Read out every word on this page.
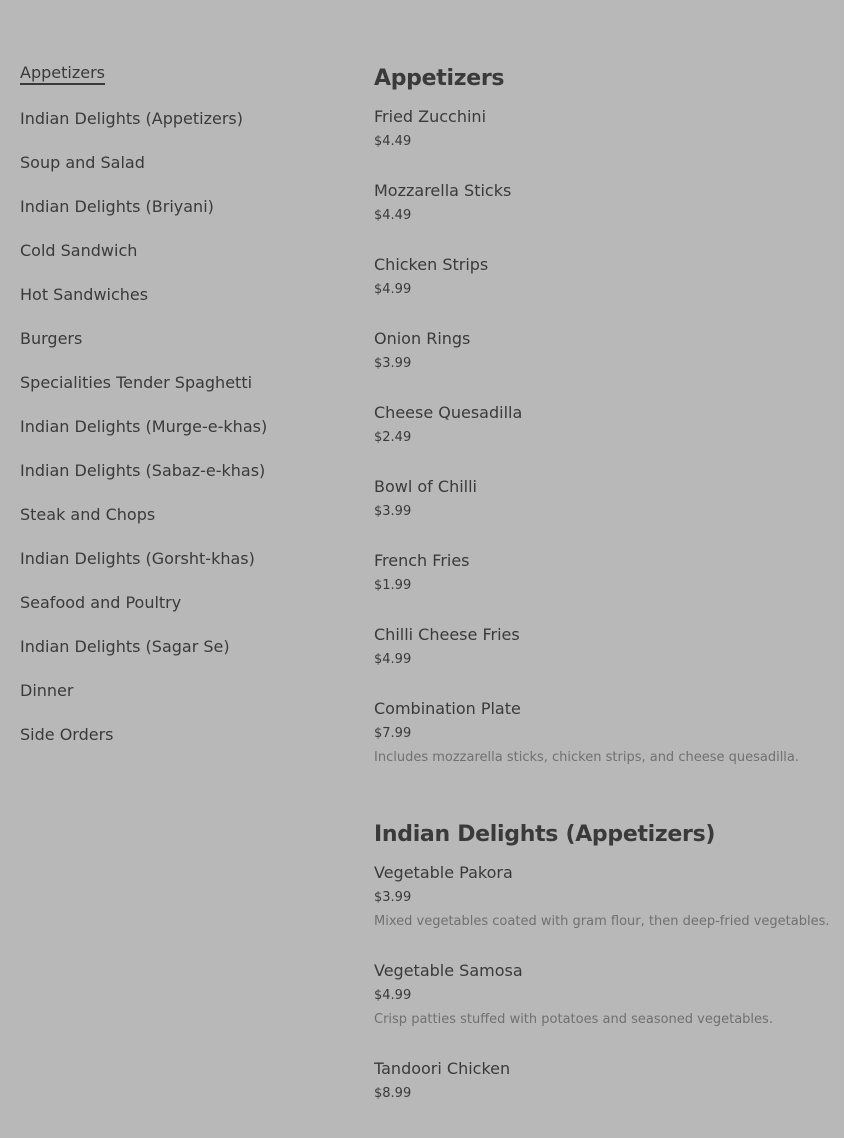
Appetizers
Indian Delights (Appetizers)
Soup and Salad
Indian Delights (Briyani)
Cold Sandwich
Hot Sandwiches
Burgers
Specialities Tender Spaghetti
Indian Delights (Murge-e-khas)
Indian Delights (Sabaz-e-khas)
Steak and Chops
Indian Delights (Gorsht-khas)
Seafood and Poultry
Indian Delights (Sagar Se)
Dinner
Side Orders
Appetizers
Fried Zucchini
$4.49
Mozzarella Sticks
$4.49
Chicken Strips
$4.99
Onion Rings
$3.99
Cheese Quesadilla
$2.49
Bowl of Chilli
$3.99
French Fries
$1.99
Chilli Cheese Fries
$4.99
Combination Plate
$7.99
Includes mozzarella sticks, chicken strips, and cheese quesadilla.
Indian Delights (Appetizers)
Vegetable Pakora
$3.99
Mixed vegetables coated with gram flour, then deep-fried vegetables.
Vegetable Samosa
$4.99
Crisp patties stuffed with potatoes and seasoned vegetables.
Tandoori Chicken
$8.99
